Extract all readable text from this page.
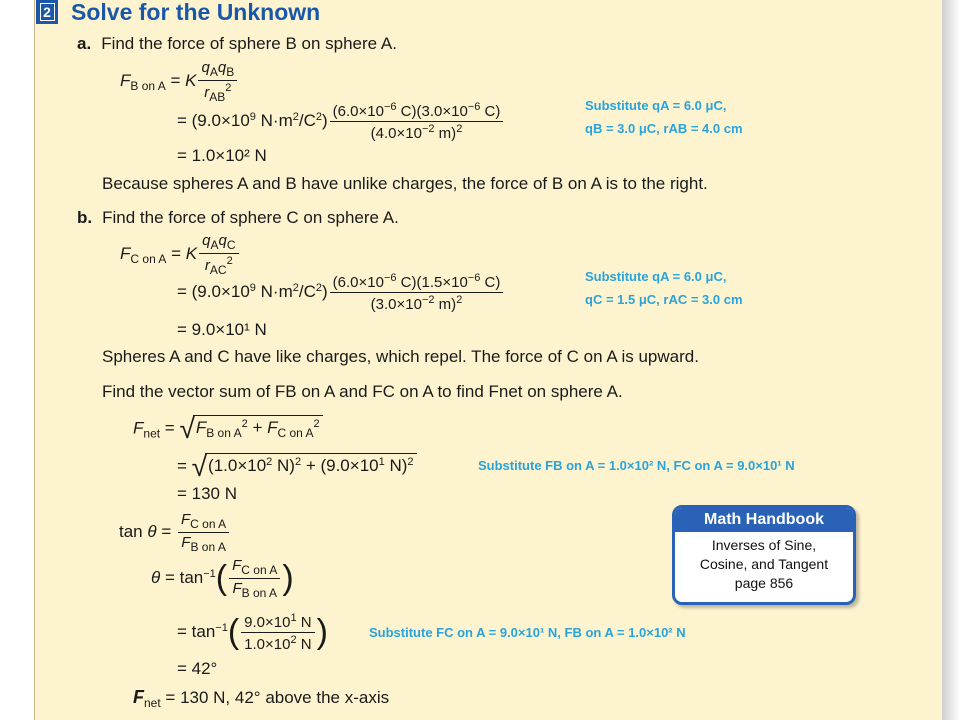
2 Solve for the Unknown
a. Find the force of sphere B on sphere A.
$F_{B on A} = K \frac{q_Aq_B}{r_{AB}^2}$
= ($9.0\times 10^9$ $N\cdot m^2/C^2) \frac{(6.0\times 10^{-6} C)(3.0\times 10^{-6} C)}{(4.0\times 10^{-2} m)^2}$	Substitute qA = 6.0 μC,
qB = 3.0 μC, rAB = 4.0 cm
= 1.0×10² N
Because spheres A and B have unlike charges, the force of B on A is to the right.
b. Find the force of sphere C on sphere A.
$F_{C on A} = K \frac{q_Aq_C}{r_{AC}^2}$
= ($9.0\times 10^9$ $N\cdot m^2/C^2) \frac{(6.0\times 10^{-6} C)(1.5\times 10^{-6} C)}{(3.0\times 10^{-2} m)^2}$	Substitute qA = 6.0 μC,
qC = 1.5 μC, rAC = 3.0 cm
= 9.0×10¹ N
Spheres A and C have like charges, which repel. The force of C on A is upward.
Find the vector sum of FB on A and FC on A to find Fnet on sphere A.
$F_{net} = √F_{B on A}^2 + F_{C on A}^2$
= $√(1.0\times 10^2$ $N)^2 + (9.0\times 10^1$ N)$^2$	Substitute FB on A = 1.0×10² N, FC on A = 9.0×10¹ N
= 130 N
$\tan \theta = \frac{F_{C on A}}{F_{B on A}}$
$\theta = \tan^{-1}( \frac{F_{C on A}}{F_{B on A}}$ )
= $\tan^{-1}( \frac{9.0\times 10^1 N}{1.0\times 10^2 N}$ )	Substitute FC on A = 9.0×10¹ N, FB on A = 1.0×10² N
= 42°
$F_{net} = 130$ N, 42° above the x-axis
Math Handbook
Inverses of Sine,
Cosine, and Tangent
page 856
